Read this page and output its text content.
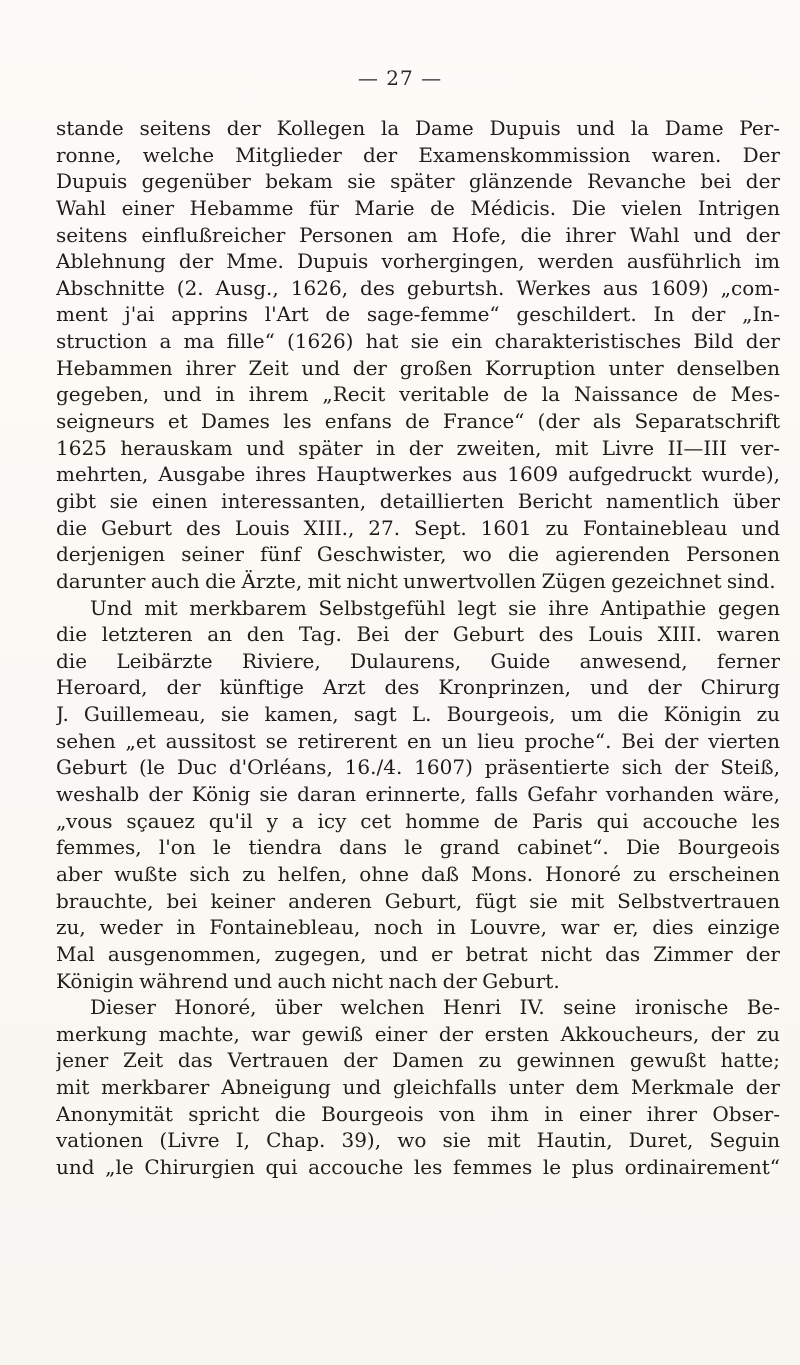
— 27 —
stande seitens der Kollegen la Dame Dupuis und la Dame Per-
ronne, welche Mitglieder der Examenskommission waren. Der
Dupuis gegenüber bekam sie später glänzende Revanche bei der
Wahl einer Hebamme für Marie de Médicis. Die vielen Intrigen
seitens einflußreicher Personen am Hofe, die ihrer Wahl und der
Ablehnung der Mme. Dupuis vorhergingen, werden ausführlich im
Abschnitte (2. Ausg., 1626, des geburtsh. Werkes aus 1609) „com-
ment j'ai apprins l'Art de sage-femme“ geschildert. In der „In-
struction a ma fille“ (1626) hat sie ein charakteristisches Bild der
Hebammen ihrer Zeit und der großen Korruption unter denselben
gegeben, und in ihrem „Recit veritable de la Naissance de Mes-
seigneurs et Dames les enfans de France“ (der als Separatschrift
1625 herauskam und später in der zweiten, mit Livre II—III ver-
mehrten, Ausgabe ihres Hauptwerkes aus 1609 aufgedruckt wurde),
gibt sie einen interessanten, detaillierten Bericht namentlich über
die Geburt des Louis XIII., 27. Sept. 1601 zu Fontainebleau und
derjenigen seiner fünf Geschwister, wo die agierenden Personen
darunter auch die Ärzte, mit nicht unwertvollen Zügen gezeichnet sind.
Und mit merkbarem Selbstgefühl legt sie ihre Antipathie gegen
die letzteren an den Tag. Bei der Geburt des Louis XIII. waren
die Leibärzte Riviere, Dulaurens, Guide anwesend, ferner
Heroard, der künftige Arzt des Kronprinzen, und der Chirurg
J. Guillemeau, sie kamen, sagt L. Bourgeois, um die Königin zu
sehen „et aussitost se retirerent en un lieu proche“. Bei der vierten
Geburt (le Duc d'Orléans, 16./4. 1607) präsentierte sich der Steiß,
weshalb der König sie daran erinnerte, falls Gefahr vorhanden wäre,
„vous sçauez qu'il y a icy cet homme de Paris qui accouche les
femmes, l'on le tiendra dans le grand cabinet“. Die Bourgeois
aber wußte sich zu helfen, ohne daß Mons. Honoré zu erscheinen
brauchte, bei keiner anderen Geburt, fügt sie mit Selbstvertrauen
zu, weder in Fontainebleau, noch in Louvre, war er, dies einzige
Mal ausgenommen, zugegen, und er betrat nicht das Zimmer der
Königin während und auch nicht nach der Geburt.
Dieser Honoré, über welchen Henri IV. seine ironische Be-
merkung machte, war gewiß einer der ersten Akkoucheurs, der zu
jener Zeit das Vertrauen der Damen zu gewinnen gewußt hatte;
mit merkbarer Abneigung und gleichfalls unter dem Merkmale der
Anonymität spricht die Bourgeois von ihm in einer ihrer Obser-
vationen (Livre I, Chap. 39), wo sie mit Hautin, Duret, Seguin
und „le Chirurgien qui accouche les femmes le plus ordinairement“
